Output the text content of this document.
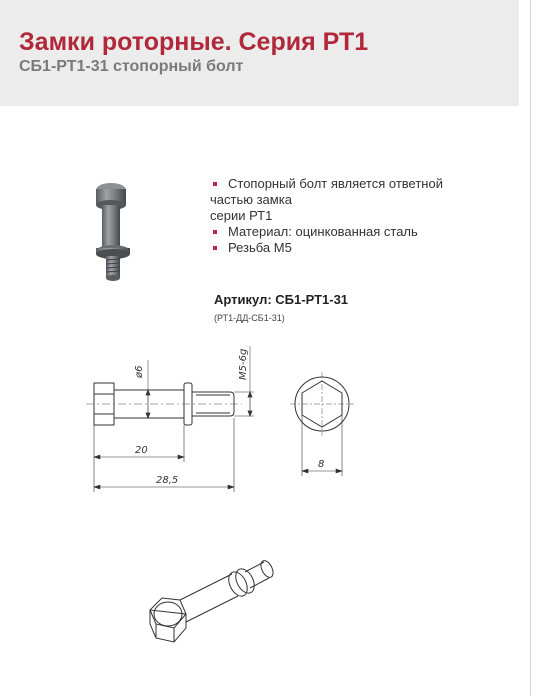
Замки роторные. Серия РТ1
СБ1-РТ1-31 стопорный болт
Стопорный болт является ответной
частью замка
серии РТ1
Материал: оцинкованная сталь
Резьба М5
Артикул: СБ1-РТ1-31
(РТ1-ДД-СБ1-31)
ø6	M5-6g
20
28,5
8
